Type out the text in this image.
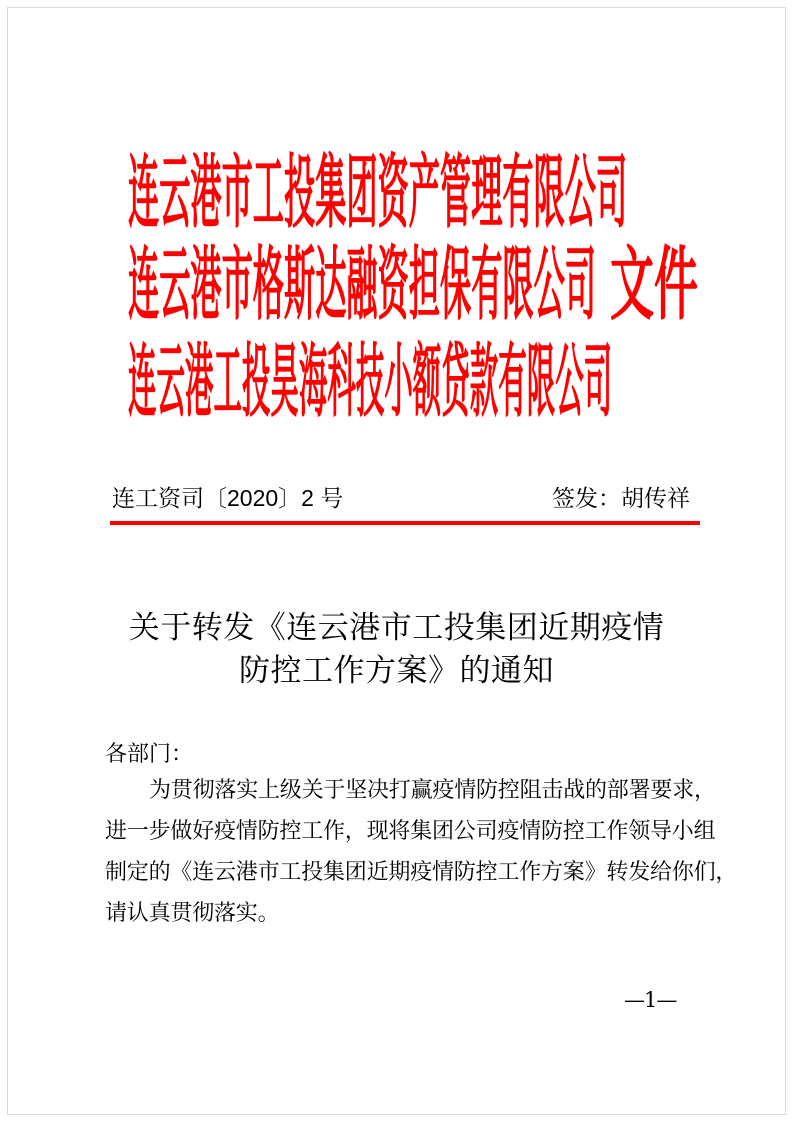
连云港市工投集团资产管理有限公司
连云港市格斯达融资担保有限公司 文件
连云港工投昊海科技小额贷款有限公司
连工资司〔2020〕2 号	签发：胡传祥
关于转发《连云港市工投集团近期疫情
防控工作方案》的通知
各部门：
为贯彻落实上级关于坚决打赢疫情防控阻击战的部署要求，
进一步做好疫情防控工作，现将集团公司疫情防控工作领导小组
制定的《连云港市工投集团近期疫情防控工作方案》转发给你们，
请认真贯彻落实。
—1—
